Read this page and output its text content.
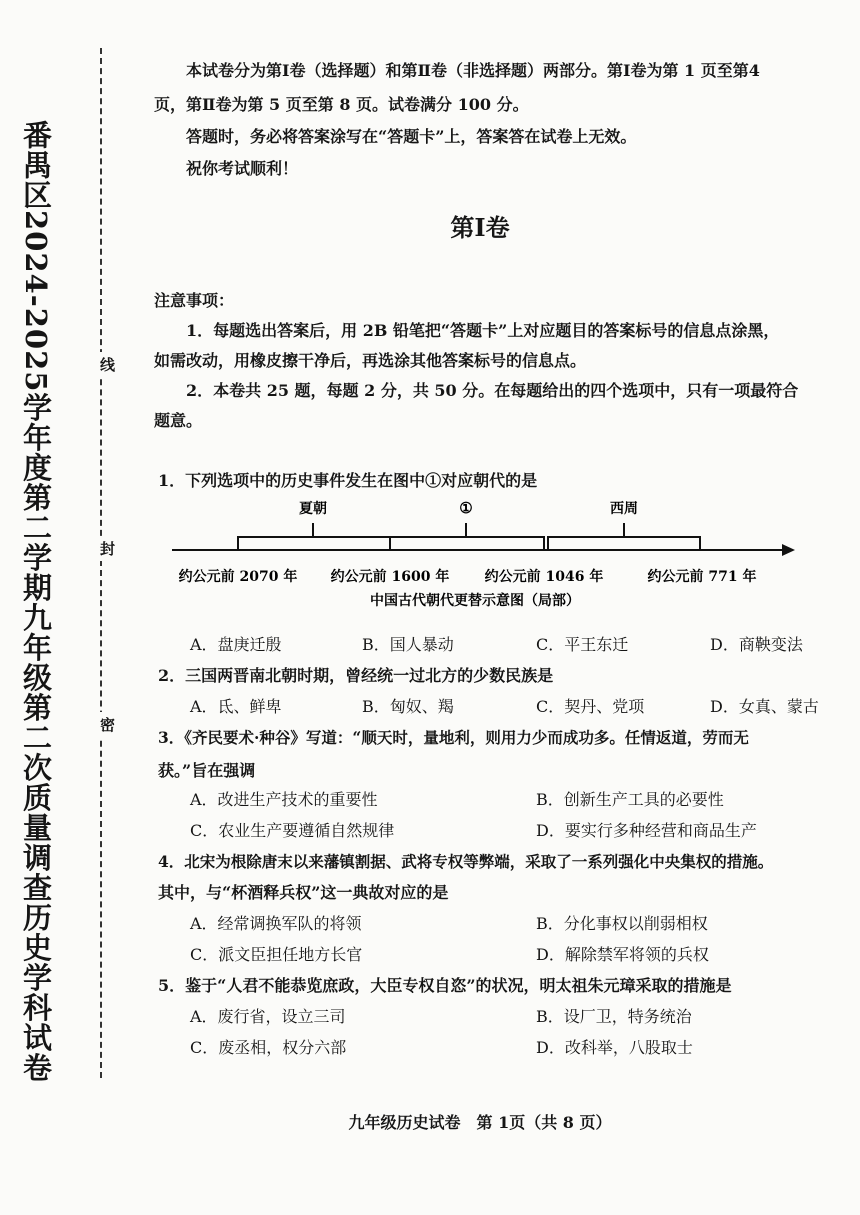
番禺区2024-2025学年度第二学期九年级第二次质量调查历史学科试卷	线
封
密
本试卷分为第Ⅰ卷（选择题）和第Ⅱ卷（非选择题）两部分。第Ⅰ卷为第 1 页至第4
页，第Ⅱ卷为第 5 页至第 8 页。试卷满分 100 分。
答题时，务必将答案涂写在“答题卡”上，答案答在试卷上无效。
祝你考试顺利！
第Ⅰ卷
注意事项：
1．每题选出答案后，用 2B 铅笔把“答题卡”上对应题目的答案标号的信息点涂黑，
如需改动，用橡皮擦干净后，再选涂其他答案标号的信息点。
2．本卷共 25 题，每题 2 分，共 50 分。在每题给出的四个选项中，只有一项最符合
题意。
1．下列选项中的历史事件发生在图中①对应朝代的是
夏朝	①	西周
约公元前 2070 年 约公元前 1600 年	约公元前 1046 年	约公元前 771 年
中国古代朝代更替示意图（局部）
A．盘庚迁殷	B．国人暴动	C．平王东迁	D．商鞅变法
2．三国两晋南北朝时期，曾经统一过北方的少数民族是
A．氐、鲜卑	B．匈奴、羯	C．契丹、党项	D．女真、蒙古
3．《齐民要术·种谷》写道：“顺天时，量地利，则用力少而成功多。任情返道，劳而无
获。”旨在强调
A．改进生产技术的重要性	B．创新生产工具的必要性
C．农业生产要遵循自然规律	D．要实行多种经营和商品生产
4．北宋为根除唐末以来藩镇割据、武将专权等弊端，采取了一系列强化中央集权的措施。
其中，与“杯酒释兵权”这一典故对应的是
A．经常调换军队的将领	B．分化事权以削弱相权
C．派文臣担任地方长官	D．解除禁军将领的兵权
5．鉴于“人君不能恭览庶政，大臣专权自恣”的状况，明太祖朱元璋采取的措施是
A．废行省，设立三司	B．设厂卫，特务统治
C．废丞相，权分六部	D．改科举，八股取士
九年级历史试卷　第 1页（共 8 页）
